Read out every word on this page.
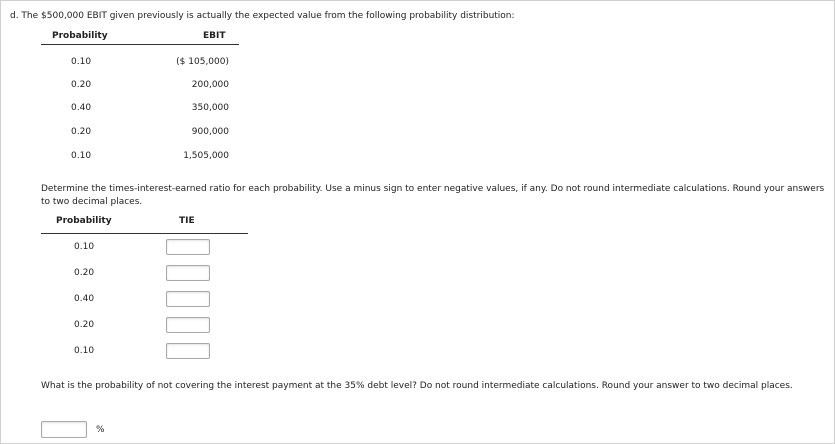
d. The $500,000 EBIT given previously is actually the expected value from the following probability distribution:
Probability	EBIT
0.10	($ 105,000)
0.20	200,000
0.40	350,000
0.20	900,000
0.10	1,505,000
Determine the times-interest-earned ratio for each probability. Use a minus sign to enter negative values, if any. Do not round intermediate calculations. Round your answers to two decimal places.
Probability	TIE
0.10
0.20
0.40
0.20
0.10
What is the probability of not covering the interest payment at the 35% debt level? Do not round intermediate calculations. Round your answer to two decimal places.
%
